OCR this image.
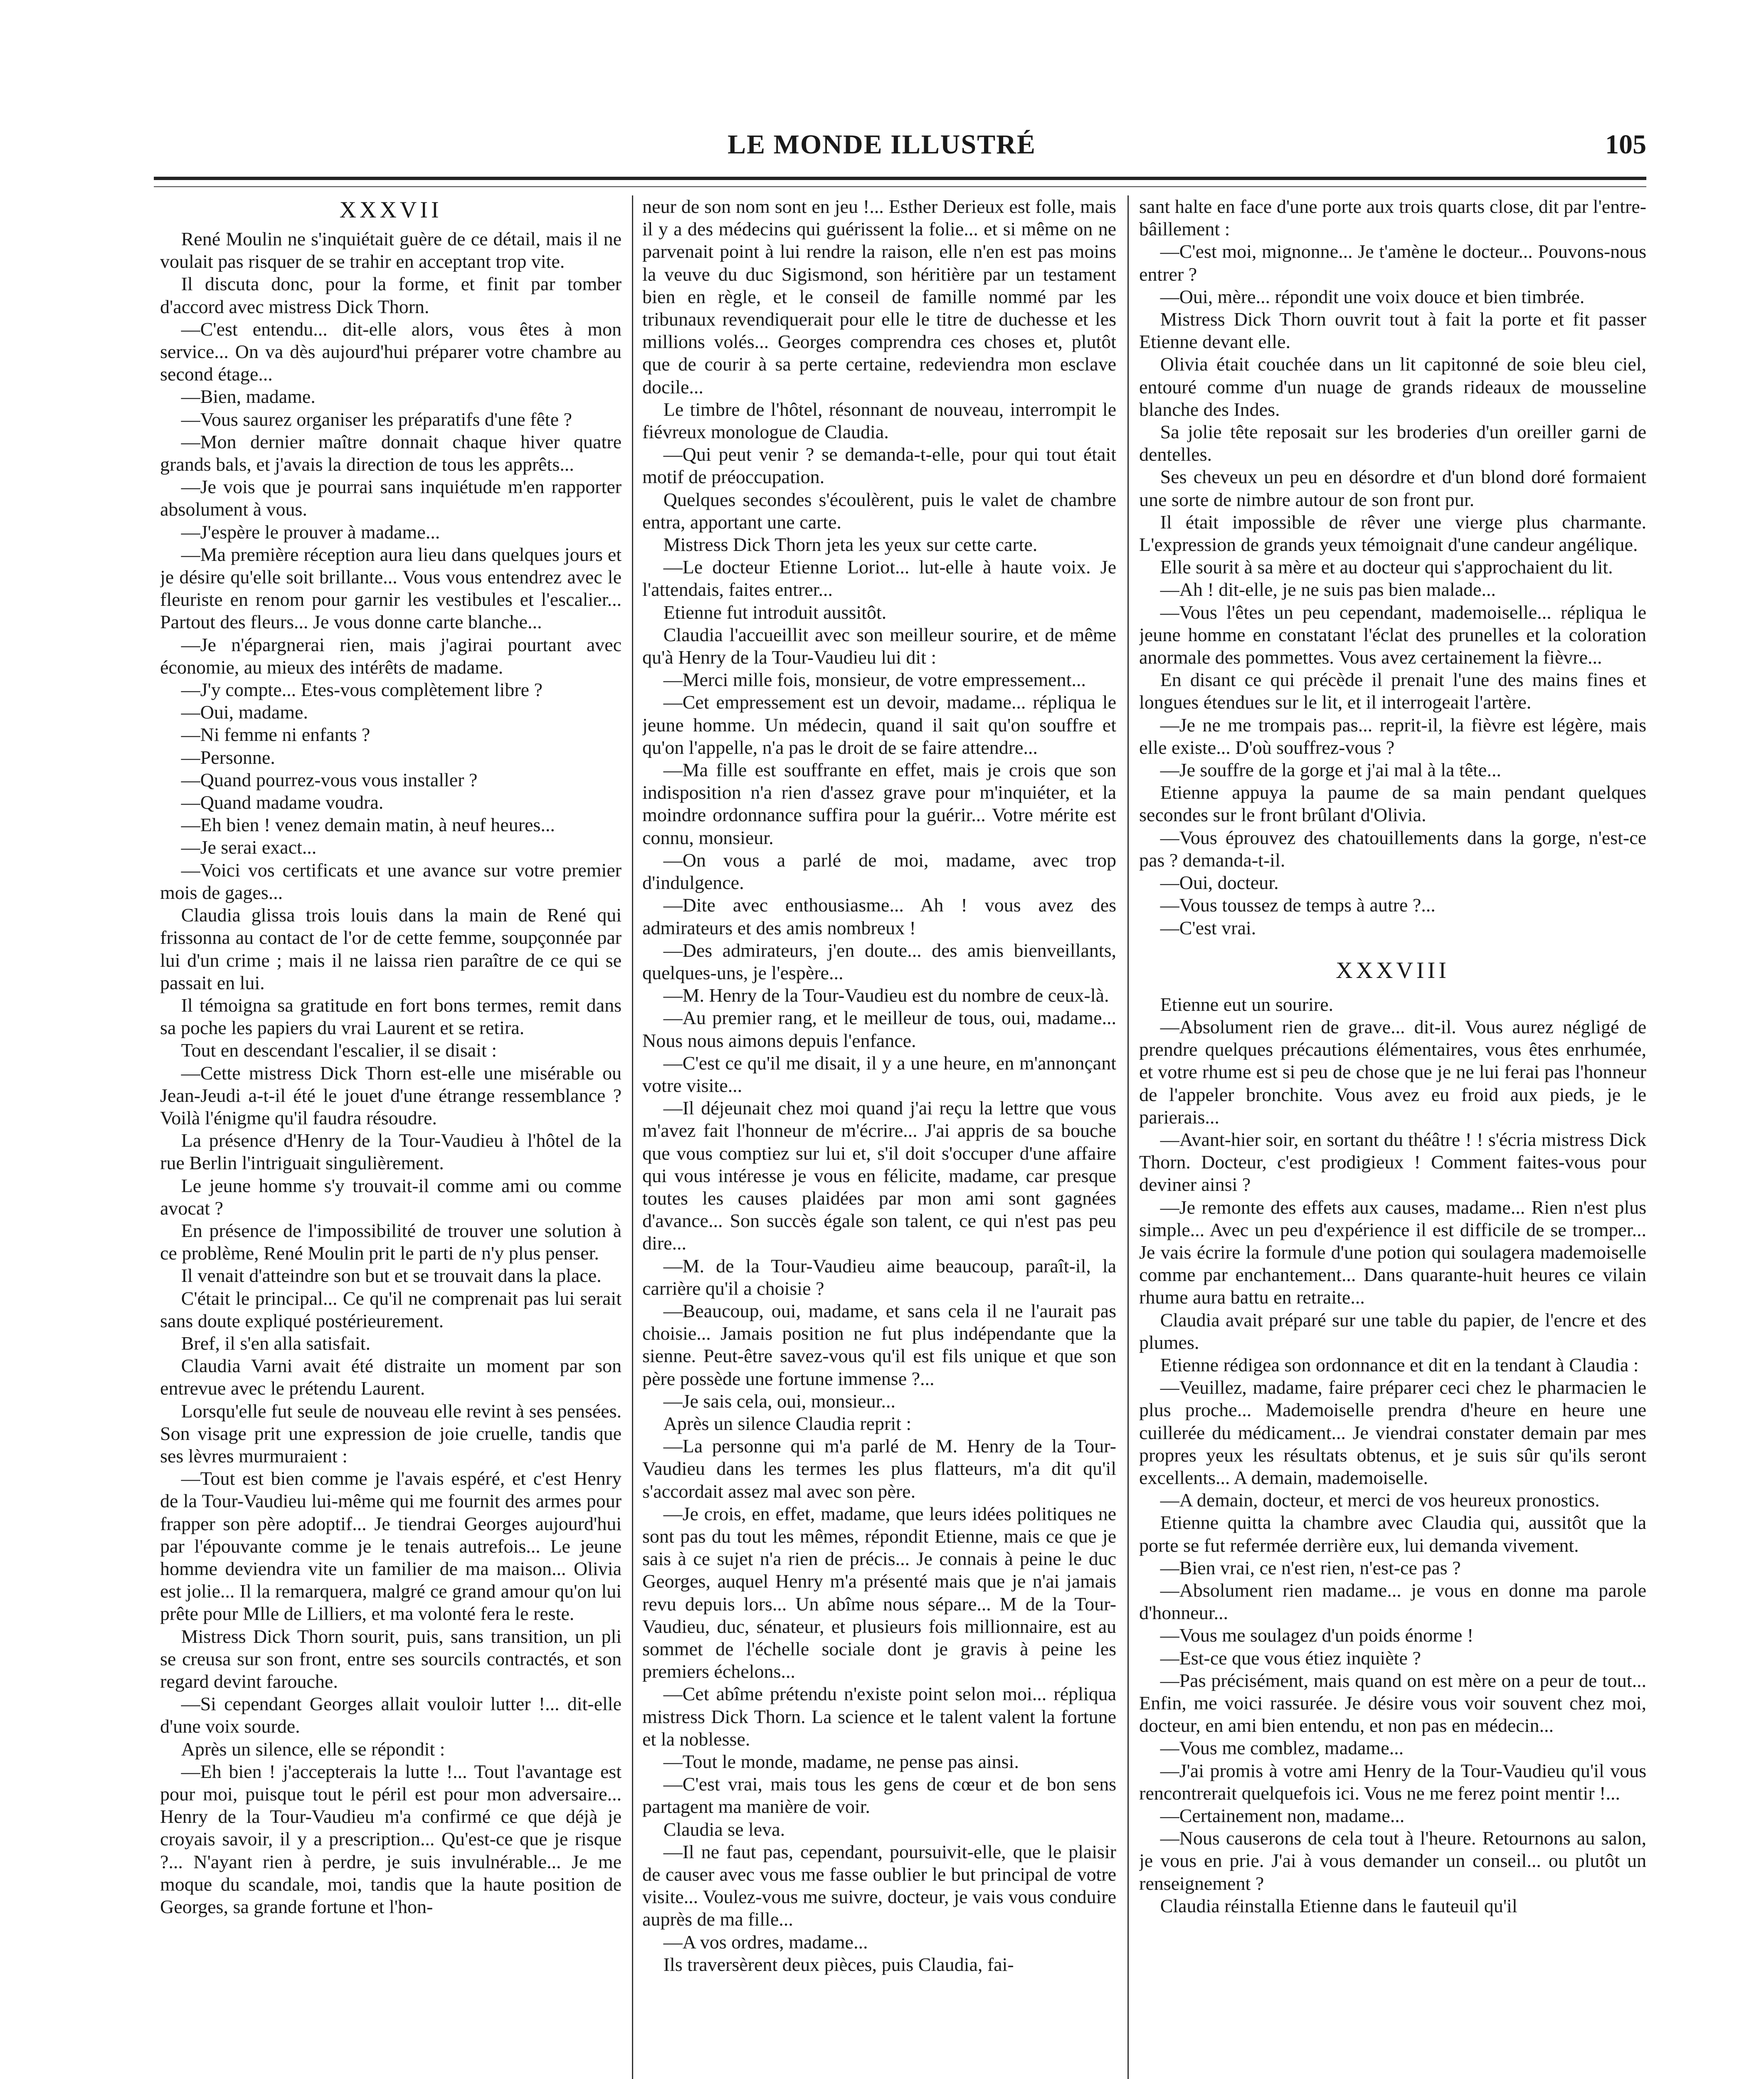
LE MONDE ILLUSTRÉ	105
XXXVII

René Moulin ne s'inquiétait guère de ce détail, mais il ne voulait pas risquer de se trahir en acceptant trop vite.

Il discuta donc, pour la forme, et finit par tomber d'accord avec mistress Dick Thorn.

—C'est entendu... dit-elle alors, vous êtes à mon service... On va dès aujourd'hui préparer votre chambre au second étage...

—Bien, madame.

—Vous saurez organiser les préparatifs d'une fête ?

—Mon dernier maître donnait chaque hiver quatre grands bals, et j'avais la direction de tous les apprêts...

—Je vois que je pourrai sans inquiétude m'en rapporter absolument à vous.

—J'espère le prouver à madame...

—Ma première réception aura lieu dans quelques jours et je désire qu'elle soit brillante... Vous vous entendrez avec le fleuriste en renom pour garnir les vestibules et l'escalier... Partout des fleurs... Je vous donne carte blanche...

—Je n'épargnerai rien, mais j'agirai pourtant avec économie, au mieux des intérêts de madame.

—J'y compte... Etes-vous complètement libre ?

—Oui, madame.

—Ni femme ni enfants ?

—Personne.

—Quand pourrez-vous vous installer ?

—Quand madame voudra.

—Eh bien ! venez demain matin, à neuf heures...

—Je serai exact...

—Voici vos certificats et une avance sur votre premier mois de gages...

Claudia glissa trois louis dans la main de René qui frissonna au contact de l'or de cette femme, soupçonnée par lui d'un crime ; mais il ne laissa rien paraître de ce qui se passait en lui.

Il témoigna sa gratitude en fort bons termes, remit dans sa poche les papiers du vrai Laurent et se retira.

Tout en descendant l'escalier, il se disait :

—Cette mistress Dick Thorn est-elle une misérable ou Jean-Jeudi a-t-il été le jouet d'une étrange ressemblance ? Voilà l'énigme qu'il faudra résoudre.

La présence d'Henry de la Tour-Vaudieu à l'hôtel de la rue Berlin l'intriguait singulièrement.

Le jeune homme s'y trouvait-il comme ami ou comme avocat ?

En présence de l'impossibilité de trouver une solution à ce problème, René Moulin prit le parti de n'y plus penser.

Il venait d'atteindre son but et se trouvait dans la place.

C'était le principal... Ce qu'il ne comprenait pas lui serait sans doute expliqué postérieurement.

Bref, il s'en alla satisfait.

Claudia Varni avait été distraite un moment par son entrevue avec le prétendu Laurent.

Lorsqu'elle fut seule de nouveau elle revint à ses pensées. Son visage prit une expression de joie cruelle, tandis que ses lèvres murmuraient :

—Tout est bien comme je l'avais espéré, et c'est Henry de la Tour-Vaudieu lui-même qui me fournit des armes pour frapper son père adoptif... Je tiendrai Georges aujourd'hui par l'épouvante comme je le tenais autrefois... Le jeune homme deviendra vite un familier de ma maison... Olivia est jolie... Il la remarquera, malgré ce grand amour qu'on lui prête pour Mlle de Lilliers, et ma volonté fera le reste.

Mistress Dick Thorn sourit, puis, sans transition, un pli se creusa sur son front, entre ses sourcils contractés, et son regard devint farouche.

—Si cependant Georges allait vouloir lutter !... dit-elle d'une voix sourde.

Après un silence, elle se répondit :

—Eh bien ! j'accepterais la lutte !... Tout l'avantage est pour moi, puisque tout le péril est pour mon adversaire... Henry de la Tour-Vaudieu m'a confirmé ce que déjà je croyais savoir, il y a prescription... Qu'est-ce que je risque ?... N'ayant rien à perdre, je suis invulnérable... Je me moque du scandale, moi, tandis que la haute position de Georges, sa grande fortune et l'hon-

neur de son nom sont en jeu !... Esther Derieux est folle, mais il y a des médecins qui guérissent la folie... et si même on ne parvenait point à lui rendre la raison, elle n'en est pas moins la veuve du duc Sigismond, son héritière par un testament bien en règle, et le conseil de famille nommé par les tribunaux revendiquerait pour elle le titre de duchesse et les millions volés... Georges comprendra ces choses et, plutôt que de courir à sa perte certaine, redeviendra mon esclave docile...

Le timbre de l'hôtel, résonnant de nouveau, interrompit le fiévreux monologue de Claudia.

—Qui peut venir ? se demanda-t-elle, pour qui tout était motif de préoccupation.

Quelques secondes s'écoulèrent, puis le valet de chambre entra, apportant une carte.

Mistress Dick Thorn jeta les yeux sur cette carte.

—Le docteur Etienne Loriot... lut-elle à haute voix. Je l'attendais, faites entrer...

Etienne fut introduit aussitôt.

Claudia l'accueillit avec son meilleur sourire, et de même qu'à Henry de la Tour-Vaudieu lui dit :

—Merci mille fois, monsieur, de votre empressement...

—Cet empressement est un devoir, madame... répliqua le jeune homme. Un médecin, quand il sait qu'on souffre et qu'on l'appelle, n'a pas le droit de se faire attendre...

—Ma fille est souffrante en effet, mais je crois que son indisposition n'a rien d'assez grave pour m'inquiéter, et la moindre ordonnance suffira pour la guérir... Votre mérite est connu, monsieur.

—On vous a parlé de moi, madame, avec trop d'indulgence.

—Dite avec enthousiasme... Ah ! vous avez des admirateurs et des amis nombreux !

—Des admirateurs, j'en doute... des amis bienveillants, quelques-uns, je l'espère...

—M. Henry de la Tour-Vaudieu est du nombre de ceux-là.

—Au premier rang, et le meilleur de tous, oui, madame... Nous nous aimons depuis l'enfance.

—C'est ce qu'il me disait, il y a une heure, en m'annonçant votre visite...

—Il déjeunait chez moi quand j'ai reçu la lettre que vous m'avez fait l'honneur de m'écrire... J'ai appris de sa bouche que vous comptiez sur lui et, s'il doit s'occuper d'une affaire qui vous intéresse je vous en félicite, madame, car presque toutes les causes plaidées par mon ami sont gagnées d'avance... Son succès égale son talent, ce qui n'est pas peu dire...

—M. de la Tour-Vaudieu aime beaucoup, paraît-il, la carrière qu'il a choisie ?

—Beaucoup, oui, madame, et sans cela il ne l'aurait pas choisie... Jamais position ne fut plus indépendante que la sienne. Peut-être savez-vous qu'il est fils unique et que son père possède une fortune immense ?...

—Je sais cela, oui, monsieur...

Après un silence Claudia reprit :

—La personne qui m'a parlé de M. Henry de la Tour-Vaudieu dans les termes les plus flatteurs, m'a dit qu'il s'accordait assez mal avec son père.

—Je crois, en effet, madame, que leurs idées politiques ne sont pas du tout les mêmes, répondit Etienne, mais ce que je sais à ce sujet n'a rien de précis... Je connais à peine le duc Georges, auquel Henry m'a présenté mais que je n'ai jamais revu depuis lors... Un abîme nous sépare... M de la Tour-Vaudieu, duc, sénateur, et plusieurs fois millionnaire, est au sommet de l'échelle sociale dont je gravis à peine les premiers échelons...

—Cet abîme prétendu n'existe point selon moi... répliqua mistress Dick Thorn. La science et le talent valent la fortune et la noblesse.

—Tout le monde, madame, ne pense pas ainsi.

—C'est vrai, mais tous les gens de cœur et de bon sens partagent ma manière de voir.

Claudia se leva.

—Il ne faut pas, cependant, poursuivit-elle, que le plaisir de causer avec vous me fasse oublier le but principal de votre visite... Voulez-vous me suivre, docteur, je vais vous conduire auprès de ma fille...

—A vos ordres, madame...

Ils traversèrent deux pièces, puis Claudia, fai-

sant halte en face d'une porte aux trois quarts close, dit par l'entre-bâillement :

—C'est moi, mignonne... Je t'amène le docteur... Pouvons-nous entrer ?

—Oui, mère... répondit une voix douce et bien timbrée.

Mistress Dick Thorn ouvrit tout à fait la porte et fit passer Etienne devant elle.

Olivia était couchée dans un lit capitonné de soie bleu ciel, entouré comme d'un nuage de grands rideaux de mousseline blanche des Indes.

Sa jolie tête reposait sur les broderies d'un oreiller garni de dentelles.

Ses cheveux un peu en désordre et d'un blond doré formaient une sorte de nimbre autour de son front pur.

Il était impossible de rêver une vierge plus charmante. L'expression de grands yeux témoignait d'une candeur angélique.

Elle sourit à sa mère et au docteur qui s'approchaient du lit.

—Ah ! dit-elle, je ne suis pas bien malade...

—Vous l'êtes un peu cependant, mademoiselle... répliqua le jeune homme en constatant l'éclat des prunelles et la coloration anormale des pommettes. Vous avez certainement la fièvre...

En disant ce qui précède il prenait l'une des mains fines et longues étendues sur le lit, et il interrogeait l'artère.

—Je ne me trompais pas... reprit-il, la fièvre est légère, mais elle existe... D'où souffrez-vous ?

—Je souffre de la gorge et j'ai mal à la tête...

Etienne appuya la paume de sa main pendant quelques secondes sur le front brûlant d'Olivia.

—Vous éprouvez des chatouillements dans la gorge, n'est-ce pas ? demanda-t-il.

—Oui, docteur.

—Vous toussez de temps à autre ?...

—C'est vrai.

XXXVIII

Etienne eut un sourire.

—Absolument rien de grave... dit-il. Vous aurez négligé de prendre quelques précautions élémentaires, vous êtes enrhumée, et votre rhume est si peu de chose que je ne lui ferai pas l'honneur de l'appeler bronchite. Vous avez eu froid aux pieds, je le parierais...

—Avant-hier soir, en sortant du théâtre ! ! s'écria mistress Dick Thorn. Docteur, c'est prodigieux ! Comment faites-vous pour deviner ainsi ?

—Je remonte des effets aux causes, madame... Rien n'est plus simple... Avec un peu d'expérience il est difficile de se tromper... Je vais écrire la formule d'une potion qui soulagera mademoiselle comme par enchantement... Dans quarante-huit heures ce vilain rhume aura battu en retraite...

Claudia avait préparé sur une table du papier, de l'encre et des plumes.

Etienne rédigea son ordonnance et dit en la tendant à Claudia :

—Veuillez, madame, faire préparer ceci chez le pharmacien le plus proche... Mademoiselle prendra d'heure en heure une cuillerée du médicament... Je viendrai constater demain par mes propres yeux les résultats obtenus, et je suis sûr qu'ils seront excellents... A demain, mademoiselle.

—A demain, docteur, et merci de vos heureux pronostics.

Etienne quitta la chambre avec Claudia qui, aussitôt que la porte se fut refermée derrière eux, lui demanda vivement.

—Bien vrai, ce n'est rien, n'est-ce pas ?

—Absolument rien madame... je vous en donne ma parole d'honneur...

—Vous me soulagez d'un poids énorme !

—Est-ce que vous étiez inquiète ?

—Pas précisément, mais quand on est mère on a peur de tout... Enfin, me voici rassurée. Je désire vous voir souvent chez moi, docteur, en ami bien entendu, et non pas en médecin...

—Vous me comblez, madame...

—J'ai promis à votre ami Henry de la Tour-Vaudieu qu'il vous rencontrerait quelquefois ici. Vous ne me ferez point mentir !...

—Certainement non, madame...

—Nous causerons de cela tout à l'heure. Retournons au salon, je vous en prie. J'ai à vous demander un conseil... ou plutôt un renseignement ?

Claudia réinstalla Etienne dans le fauteuil qu'il
